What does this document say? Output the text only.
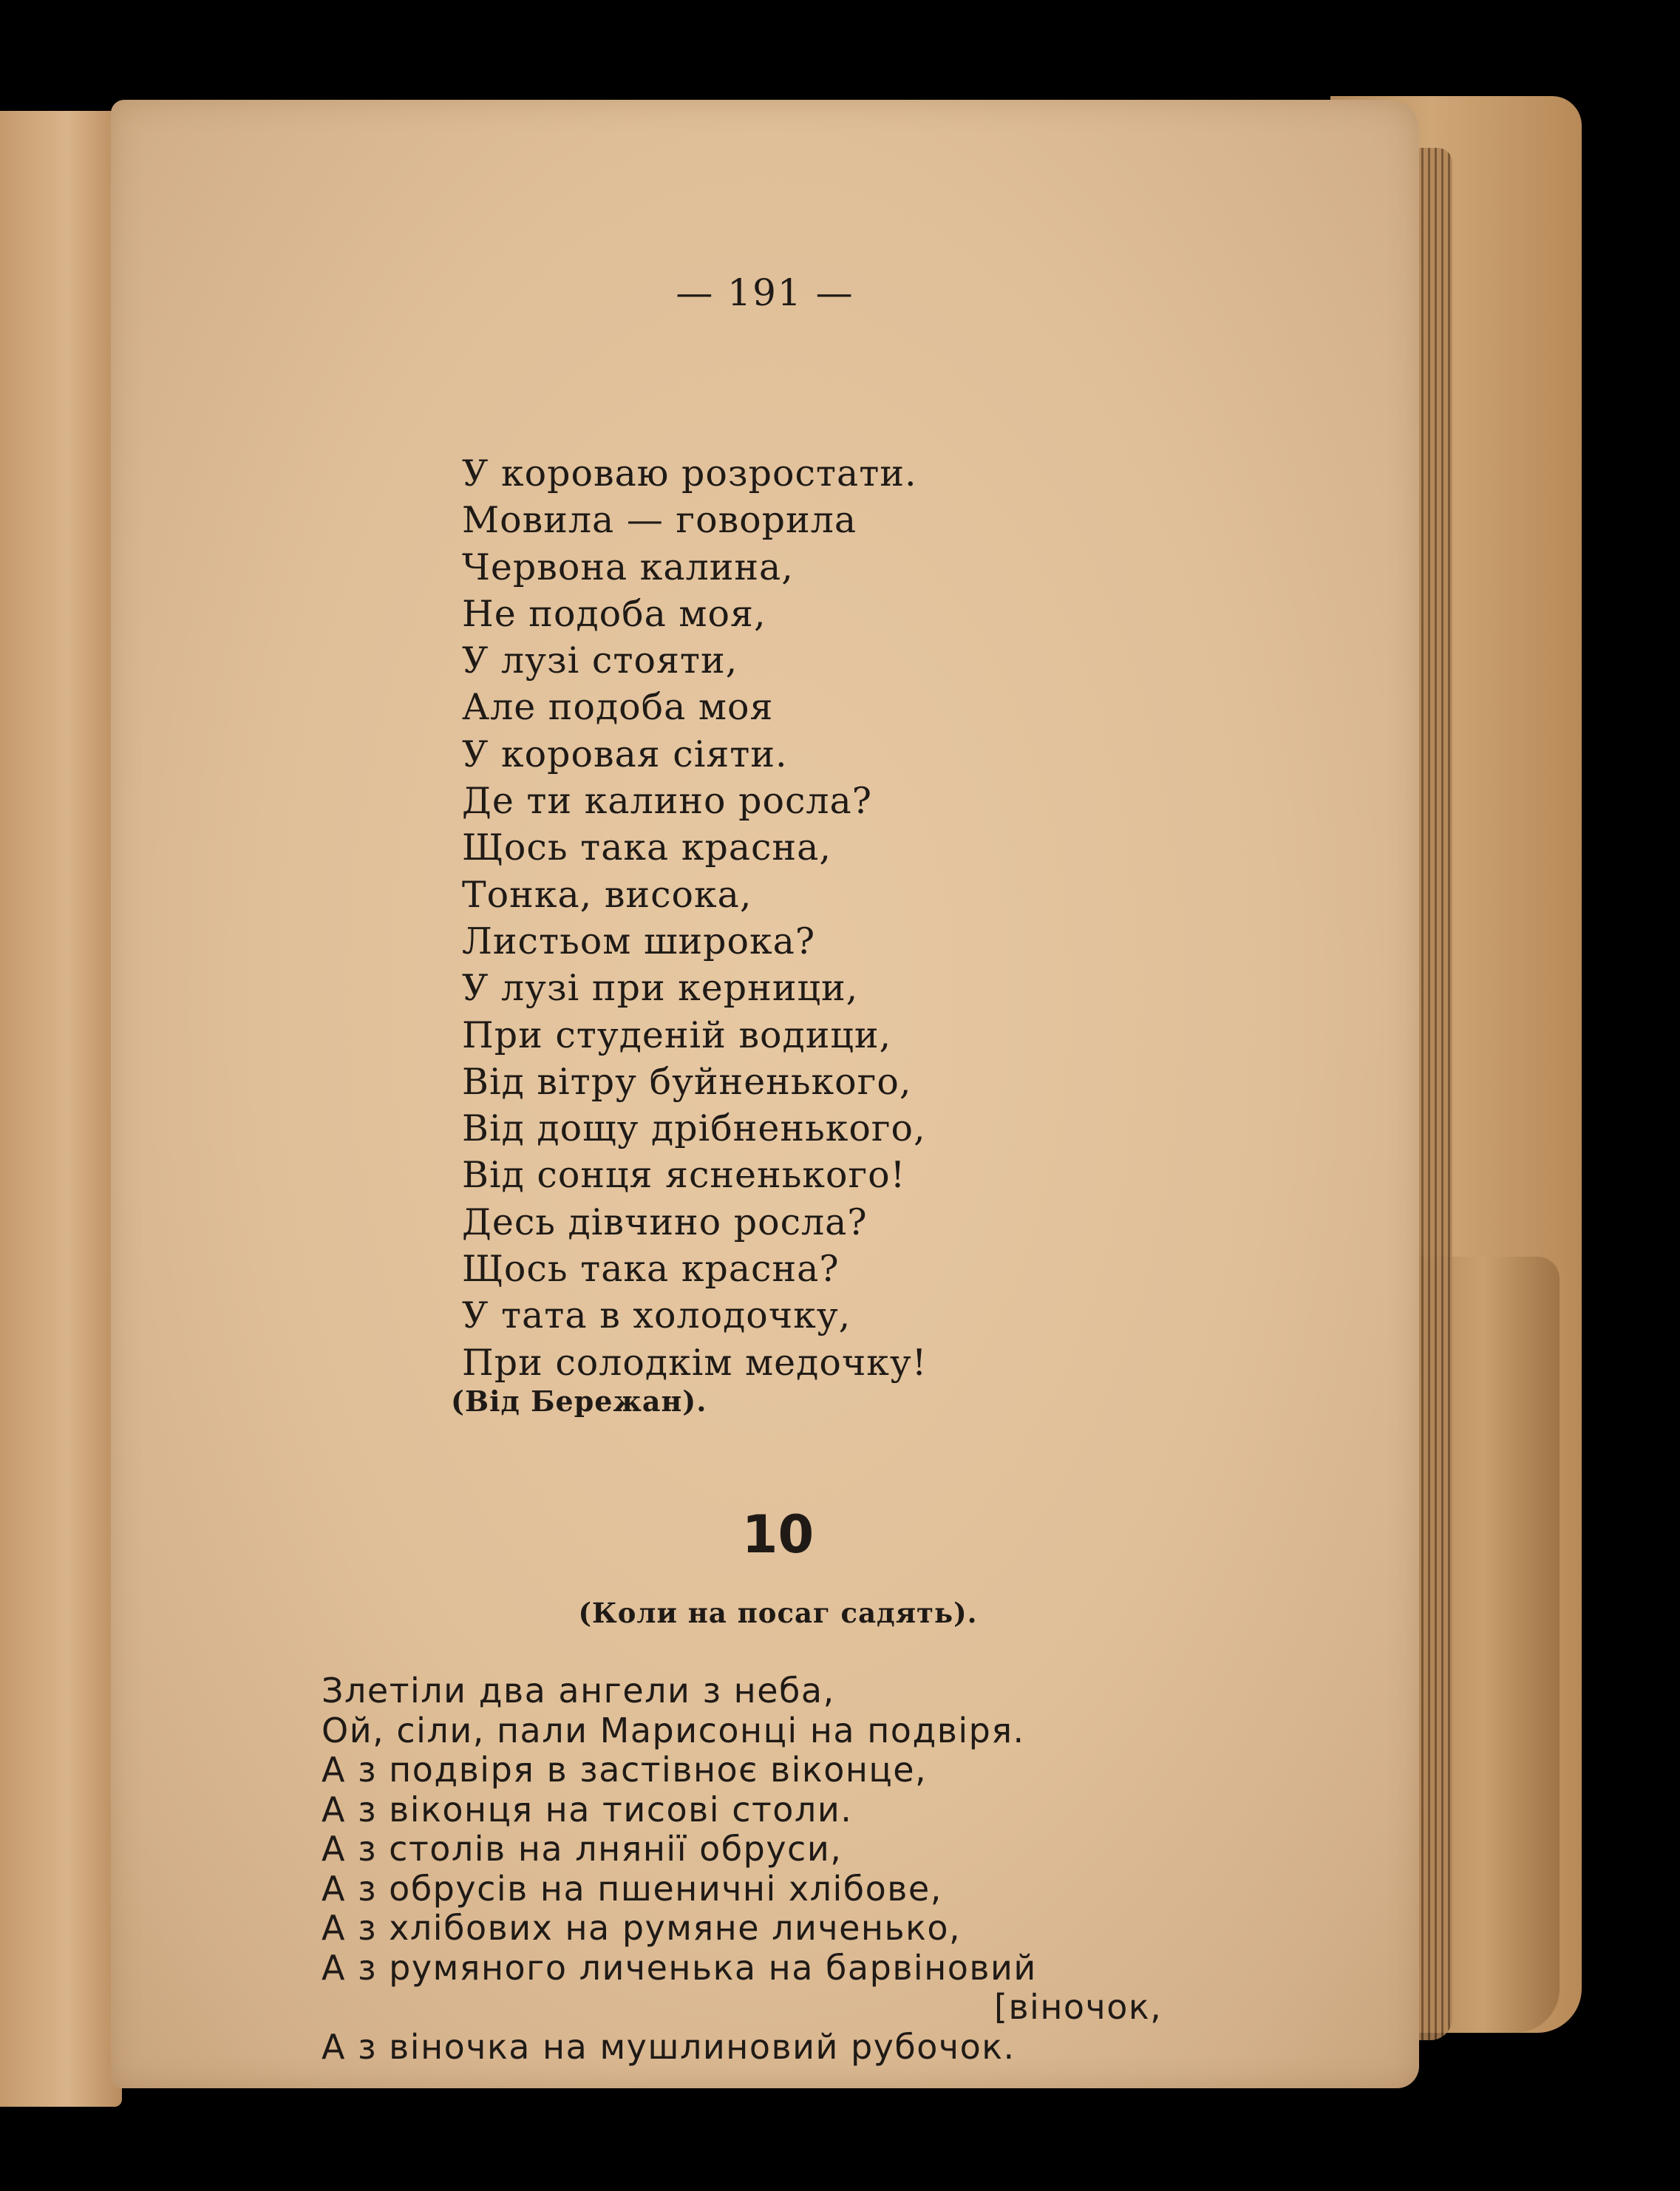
— 191 —
У короваю розростати.
Мовила — говорила
Червона калина,
Не подоба моя,
У лузі стояти,
Але подоба моя
У коровая сіяти.
Де ти калино росла?
Щось така красна,
Тонка, висока,
Листьом широка?
У лузі при керници,
При студеній водици,
Від вітру буйненького,
Від дощу дрібненького,
Від сонця ясненького!
Десь дівчино росла?
Щось така красна?
У тата в холодочку,
При солодкім медочку!
(Від Бережан).
10
(Коли на посаг садять).
Злетіли два ангели з неба,
Ой, сіли, пали Марисонці на подвіря.
А з подвіря в застівноє віконце,
А з віконця на тисові столи.
А з столів на лнянії обруси,
А з обрусів на пшеничні хлібове,
А з хлібових на румяне личенько,
А з румяного личенька на барвіновий
[віночок,
А з віночка на мушлиновий рубочок.
